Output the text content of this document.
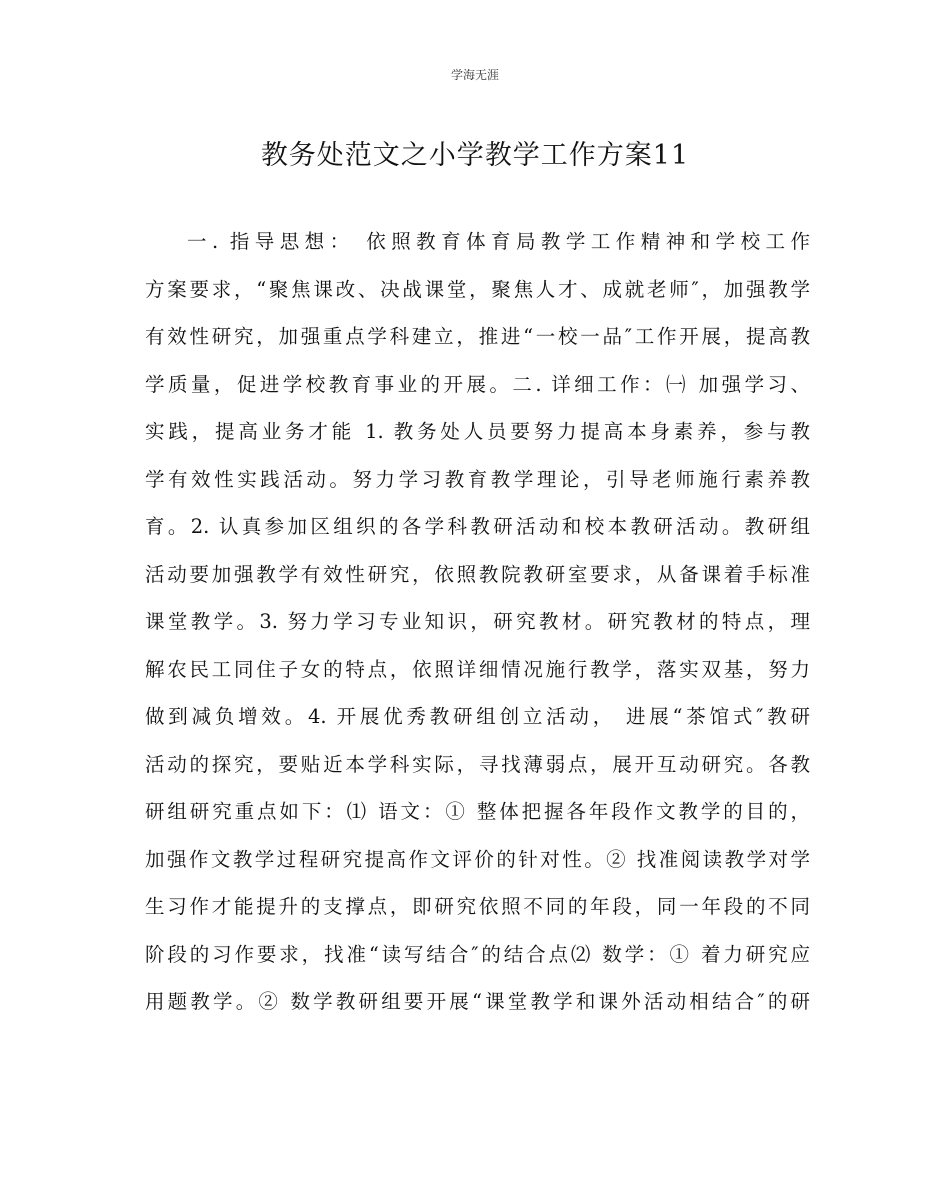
学海无涯
教务处范文之小学教学工作方案11
一. 指导思想： 依照教育体育局教学工作精神和学校工作
方案要求，“聚焦课改、决战课堂，聚焦人才、成就老师″，加强教学
有效性研究，加强重点学科建立，推进“一校一品″工作开展，提高教
学质量，促进学校教育事业的开展。二. 详细工作：㈠ 加强学习、
实践，提高业务才能 1. 教务处人员要努力提高本身素养，参与教
学有效性实践活动。努力学习教育教学理论，引导老师施行素养教
育。2. 认真参加区组织的各学科教研活动和校本教研活动。教研组
活动要加强教学有效性研究，依照教院教研室要求，从备课着手标准
课堂教学。3. 努力学习专业知识，研究教材。研究教材的特点，理
解农民工同住子女的特点，依照详细情况施行教学，落实双基，努力
做到减负增效。4. 开展优秀教研组创立活动， 进展“茶馆式″教研
活动的探究，要贴近本学科实际，寻找薄弱点，展开互动研究。各教
研组研究重点如下：⑴ 语文：① 整体把握各年段作文教学的目的，
加强作文教学过程研究提高作文评价的针对性。② 找准阅读教学对学
生习作才能提升的支撑点，即研究依照不同的年段，同一年段的不同
阶段的习作要求，找准“读写结合″的结合点⑵ 数学：① 着力研究应
用题教学。② 数学教研组要开展“课堂教学和课外活动相结合″的研
